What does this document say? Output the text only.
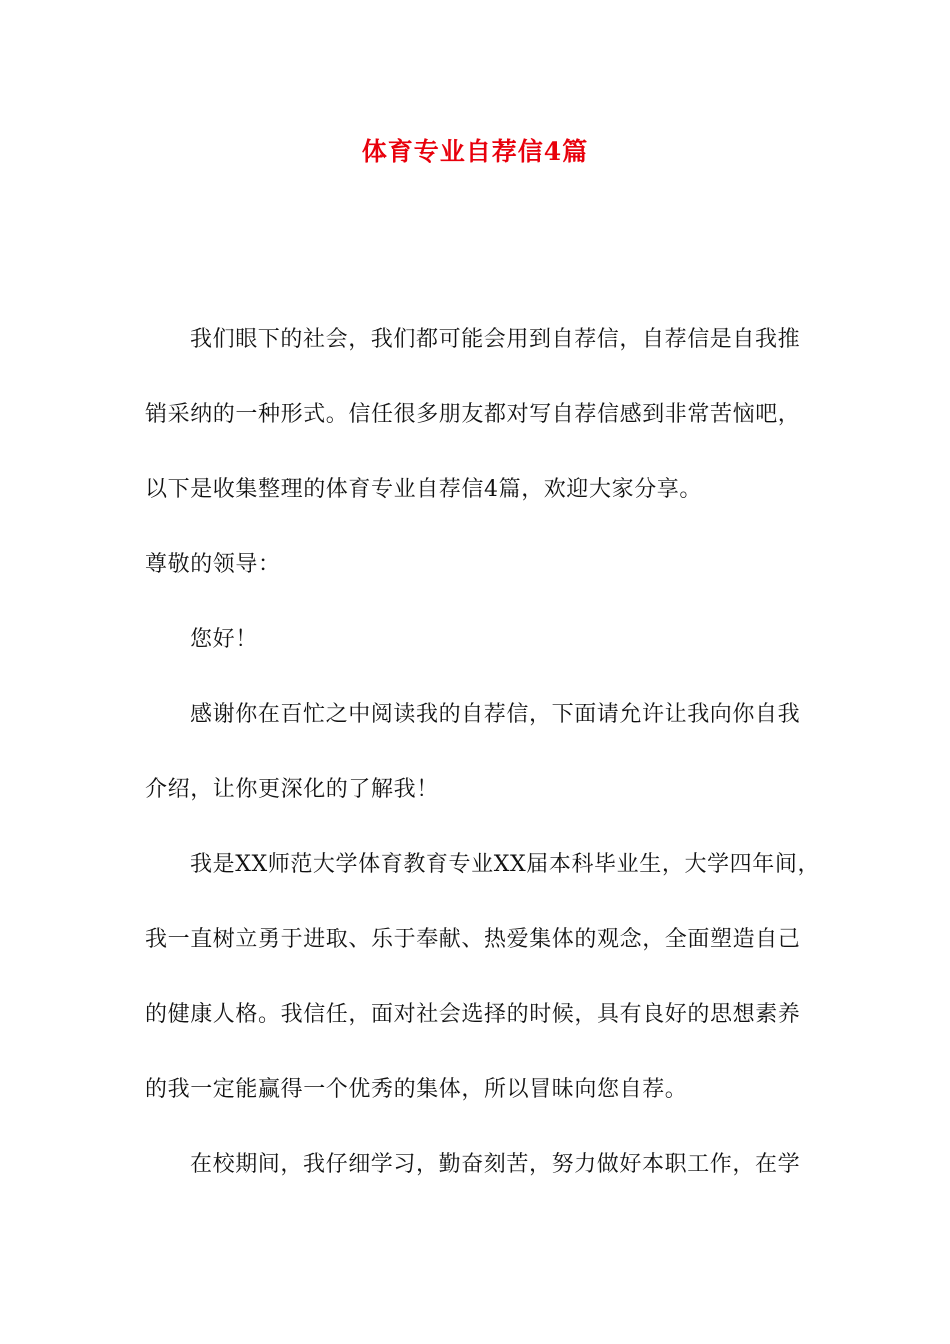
体育专业自荐信4篇
我们眼下的社会，我们都可能会用到自荐信，自荐信是自我推
销采纳的一种形式。信任很多朋友都对写自荐信感到非常苦恼吧，
以下是收集整理的体育专业自荐信4篇，欢迎大家分享。
尊敬的领导：
您好！
感谢你在百忙之中阅读我的自荐信，下面请允许让我向你自我
介绍，让你更深化的了解我！
我是XX师范大学体育教育专业XX届本科毕业生，大学四年间，
我一直树立勇于进取、乐于奉献、热爱集体的观念，全面塑造自己
的健康人格。我信任，面对社会选择的时候，具有良好的思想素养
的我一定能赢得一个优秀的集体，所以冒昧向您自荐。
在校期间，我仔细学习，勤奋刻苦，努力做好本职工作，在学
